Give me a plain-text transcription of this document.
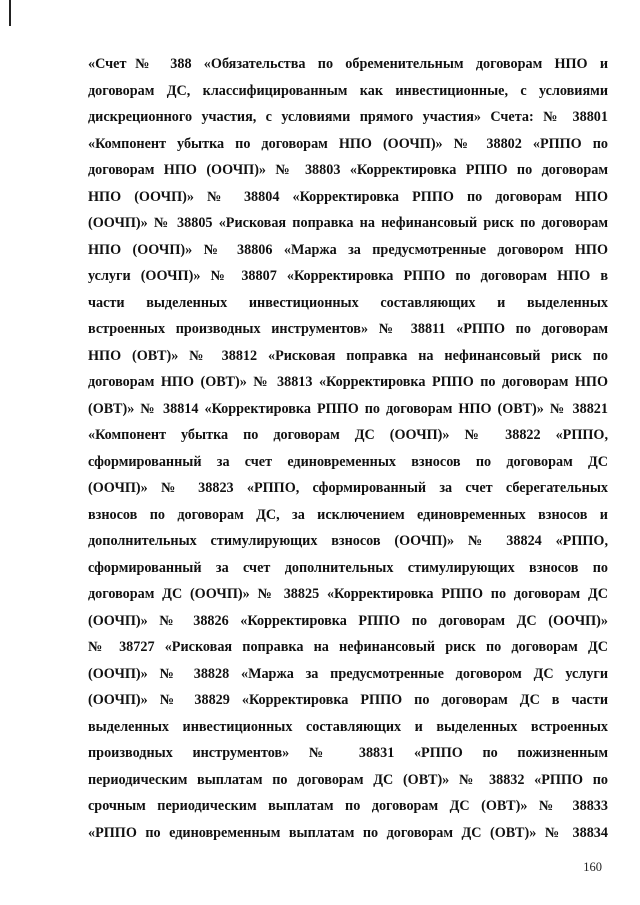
«Счет№ 388 «Обязательства по обременительным договорам НПО и
договорам ДС, классифицированным как инвестиционные, с условиями
дискреционного участия, с условиями прямого участия» Счета: № 38801
«Компонент убытка по договорам НПО (ООЧП)» № 38802 «РППО по
договорам НПО (ООЧП)» № 38803 «Корректировка РППО по договорам
НПО (ООЧП)» № 38804 «Корректировка РППО по договорам НПО
(ООЧП)» № 38805 «Рисковая поправка на нефинансовый риск по договорам
НПО (ООЧП)» № 38806 «Маржа за предусмотренные договором НПО
услуги (ООЧП)» № 38807 «Корректировка РППО по договорам НПО в
части выделенных инвестиционных составляющих и выделенных
встроенных производных инструментов» № 38811 «РППО по договорам
НПО (ОВТ)» № 38812 «Рисковая поправка на нефинансовый риск по
договорам НПО (ОВТ)» № 38813 «Корректировка РППО по договорам НПО
(ОВТ)» № 38814 «Корректировка РППО по договорам НПО (ОВТ)» № 38821
«Компонент убытка по договорам ДС (ООЧП)» № 38822 «РППО,
сформированный за счет единовременных взносов по договорам ДС
(ООЧП)» № 38823 «РППО, сформированный за счет сберегательных
взносов по договорам ДС, за исключением единовременных взносов и
дополнительных стимулирующих взносов (ООЧП)» № 38824 «РППО,
сформированный за счет дополнительных стимулирующих взносов по
договорам ДС (ООЧП)» № 38825 «Корректировка РППО по договорам ДС
(ООЧП)» № 38826 «Корректировка РППО по договорам ДС (ООЧП)»
№ 38727 «Рисковая поправка на нефинансовый риск по договорам ДС
(ООЧП)» № 38828 «Маржа за предусмотренные договором ДС услуги
(ООЧП)» № 38829 «Корректировка РППО по договорам ДС в части
выделенных инвестиционных составляющих и выделенных встроенных
производных инструментов» № 38831 «РППО по пожизненным
периодическим выплатам по договорам ДС (ОВТ)» № 38832 «РППО по
срочным периодическим выплатам по договорам ДС (ОВТ)» № 38833
«РППО по единовременным выплатам по договорам ДС (ОВТ)» № 38834
160
